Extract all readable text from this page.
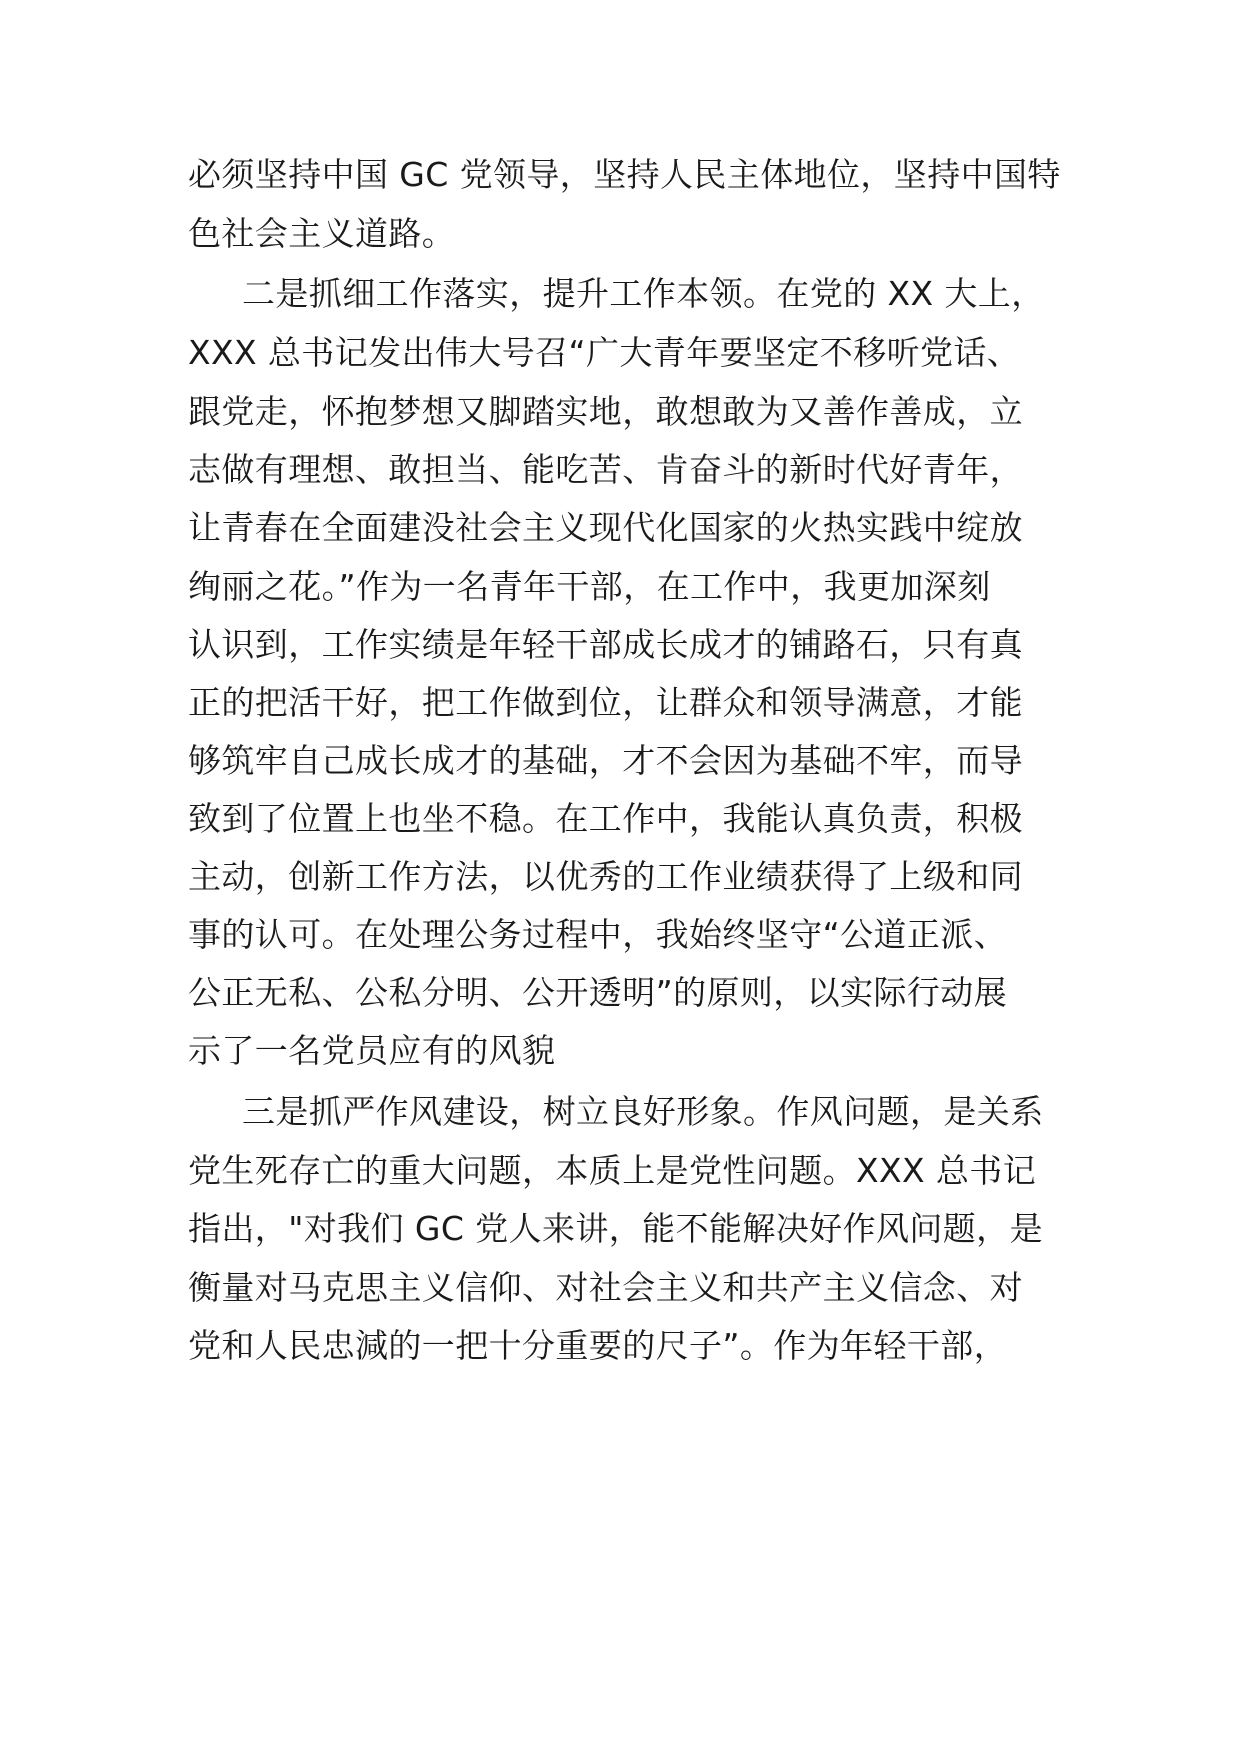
必须坚持中国 GC 党领导，坚持人民主体地位，坚持中国特
色社会主义道路。
二是抓细工作落实，提升工作本领。在党的 XX 大上，
XXX 总书记发出伟大号召“广大青年要坚定不移听党话、
跟党走，怀抱梦想又脚踏实地，敢想敢为又善作善成，立
志做有理想、敢担当、能吃苦、肯奋斗的新时代好青年，
让青春在全面建没社会主义现代化国家的火热实践中绽放
绚丽之花。”作为一名青年干部，在工作中，我更加深刻
认识到，工作实绩是年轻干部成长成才的铺路石，只有真
正的把活干好，把工作做到位，让群众和领导满意，才能
够筑牢自己成长成才的基础，才不会因为基础不牢，而导
致到了位置上也坐不稳。在工作中，我能认真负责，积极
主动，创新工作方法，以优秀的工作业绩获得了上级和同
事的认可。在处理公务过程中，我始终坚守“公道正派、
公正无私、公私分明、公开透明”的原则，以实际行动展
示了一名党员应有的风貌
三是抓严作风建设，树立良好形象。作风问题，是关系
党生死存亡的重大问题，本质上是党性问题。XXX 总书记
指出，"对我们 GC 党人来讲，能不能解决好作风问题，是
衡量对马克思主义信仰、对社会主义和共产主义信念、对
党和人民忠減的一把十分重要的尺子”。作为年轻干部，
